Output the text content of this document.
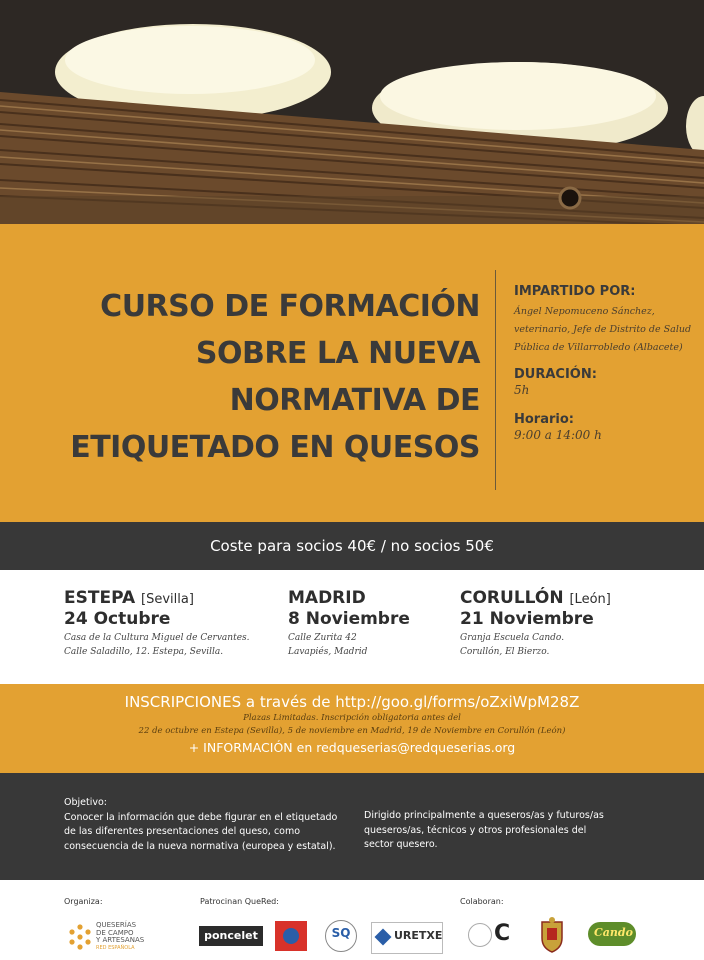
CURSO DE FORMACIÓN
SOBRE LA NUEVA
NORMATIVA DE
ETIQUETADO EN QUESOS
IMPARTIDO POR:

Ángel Nepomuceno Sánchez,

veterinario, Jefe de Distrito de Salud

Pública de Villarrobledo (Albacete)

DURACIÓN:

5h

Horario:

9:00 a 14:00 h

Coste para socios 40€ / no socios 50€
ESTEPA [Sevilla]
24 Octubre
Casa de la Cultura Miguel de Cervantes.
Calle Saladillo, 12. Estepa, Sevilla.
MADRID
8 Noviembre
Calle Zurita 42
Lavapiés, Madrid
CORULLÓN [León]
21 Noviembre
Granja Escuela Cando.
Corullón, El Bierzo.
INSCRIPCIONES a través de http://goo.gl/forms/oZxiWpM28Z
Plazas Limitadas. Inscripción obligatoria antes del
22 de octubre en Estepa (Sevilla), 5 de noviembre en Madrid, 19 de Noviembre en Corullón (León)
+ INFORMACIÓN en redqueserias@redqueserias.org
Objetivo:
Conocer la información que debe figurar en el etiquetado
de las diferentes presentaciones del queso, como
consecuencia de la nueva normativa (europea y estatal).
Dirigido principalmente a queseros/as y futuros/as
queseros/as, técnicos y otros profesionales del
sector quesero.
Organiza:	Patrocinan QueRed:	Colaboran:
QUESERÍAS
DE CAMPO
Y ARTESANAS
RED ESPAÑOLA
poncelet	SQ	URETXE C	Cando
